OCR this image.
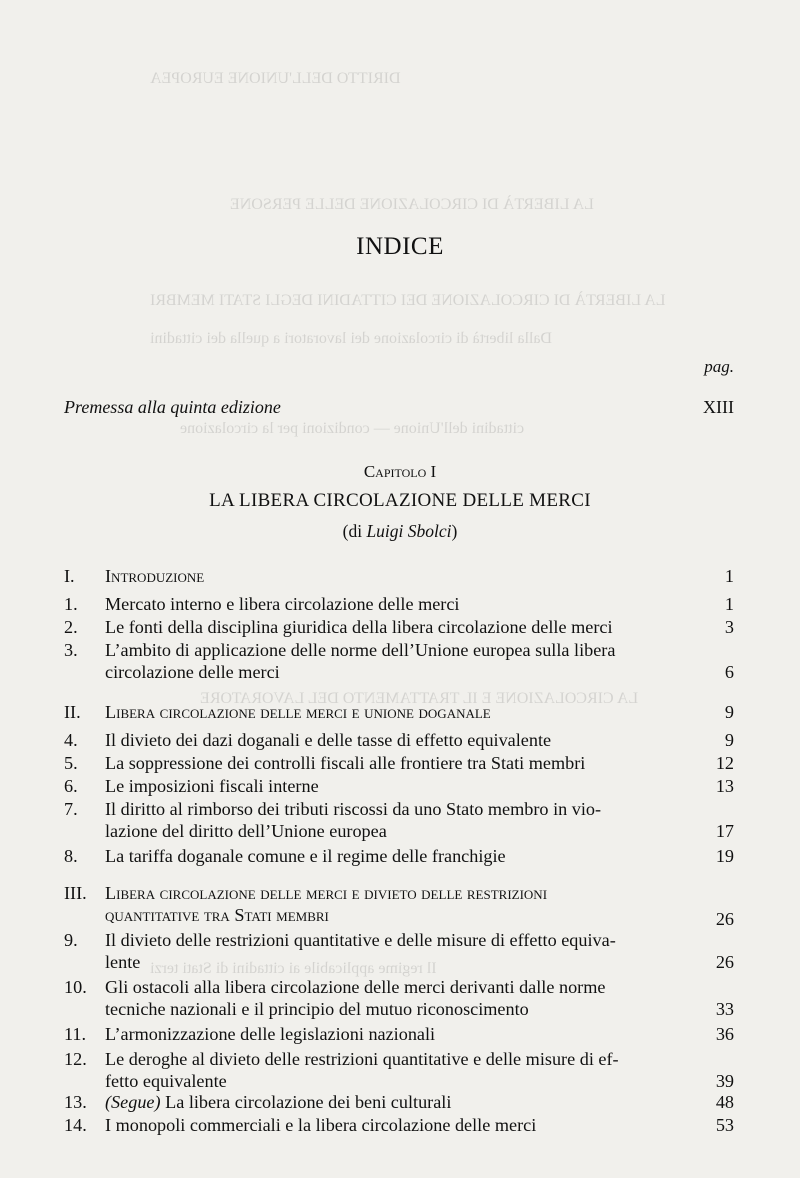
DIRITTO DELL'UNIONE EUROPEA
LA LIBERTÀ DI CIRCOLAZIONE DELLE PERSONE
LA LIBERTÀ DI CIRCOLAZIONE DEI CITTADINI DEGLI STATI MEMBRI
Dalla libertà di circolazione dei lavoratori a quella dei cittadini
cittadini dell'Unione — condizioni per la circolazione
LA CIRCOLAZIONE E IL TRATTAMENTO DEL LAVORATORE
Il regime applicabile ai cittadini di Stati terzi
INDICE
pag.
Premessa alla quinta edizione	XIII
Capitolo I
LA LIBERA CIRCOLAZIONE DELLE MERCI
(di Luigi Sbolci)
I. Introduzione	1
1. Mercato interno e libera circolazione delle merci	1
2. Le fonti della disciplina giuridica della libera circolazione delle merci	3
3. L’ambito di applicazione delle norme dell’Unione europea sulla libera
circolazione delle merci	6
II. Libera circolazione delle merci e unione doganale	9
4. Il divieto dei dazi doganali e delle tasse di effetto equivalente	9
5. La soppressione dei controlli fiscali alle frontiere tra Stati membri	12
6. Le imposizioni fiscali interne	13
7. Il diritto al rimborso dei tributi riscossi da uno Stato membro in vio-
lazione del diritto dell’Unione europea	17
8. La tariffa doganale comune e il regime delle franchigie	19
III. Libera circolazione delle merci e divieto delle restrizioni
quantitative tra Stati membri	26
9. Il divieto delle restrizioni quantitative e delle misure di effetto equiva-
lente	26
10. Gli ostacoli alla libera circolazione delle merci derivanti dalle norme
tecniche nazionali e il principio del mutuo riconoscimento	33
11. L’armonizzazione delle legislazioni nazionali	36
12. Le deroghe al divieto delle restrizioni quantitative e delle misure di ef-
fetto equivalente	39
13. (Segue) La libera circolazione dei beni culturali	48
14. I monopoli commerciali e la libera circolazione delle merci	53
